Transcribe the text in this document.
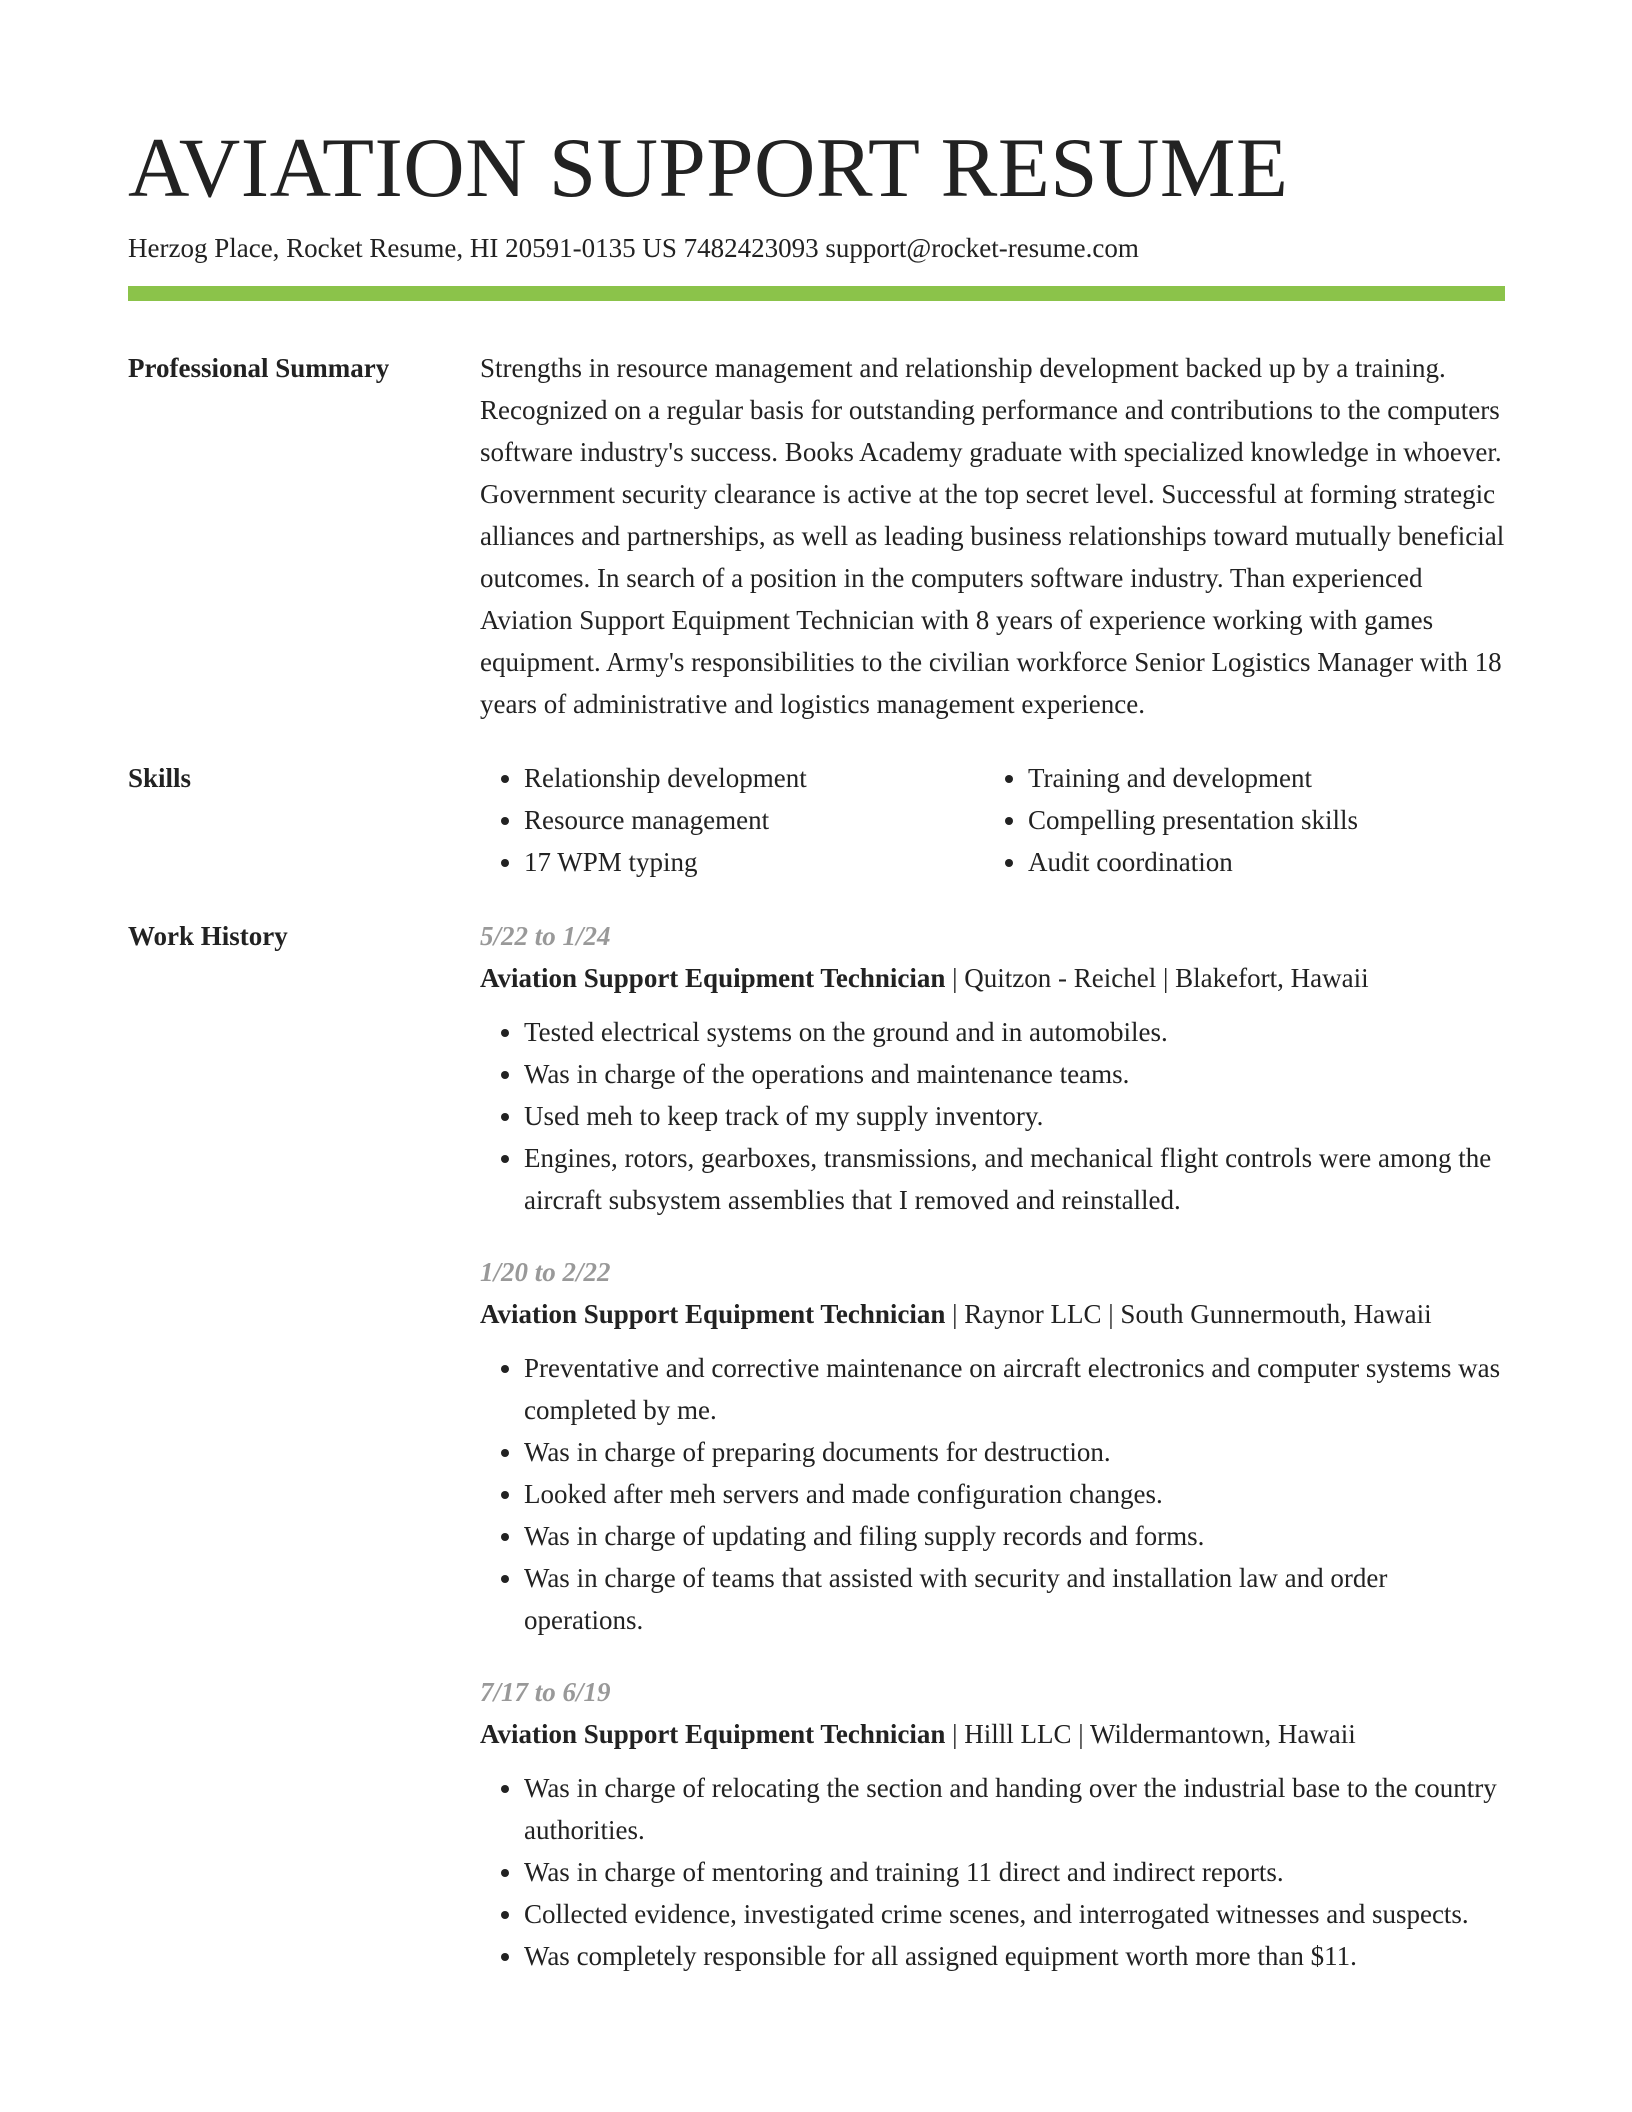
AVIATION SUPPORT RESUME
Herzog Place, Rocket Resume, HI 20591-0135 US 7482423093 support@rocket-resume.com
Professional Summary	Strengths in resource management and relationship development backed up by a training. Recognized on a regular basis for outstanding performance and contributions to the computers software industry's success. Books Academy graduate with specialized knowledge in whoever. Government security clearance is active at the top secret level. Successful at forming strategic alliances and partnerships, as well as leading business relationships toward mutually beneficial outcomes. In search of a position in the computers software industry. Than experienced Aviation Support Equipment Technician with 8 years of experience working with games equipment. Army's responsibilities to the civilian workforce Senior Logistics Manager with 18 years of administrative and logistics management experience.

Skills
•	Relationship development
• Resource management
• 17 WPM typing
• Training and development
• Compelling presentation skills
• Audit coordination
Work History	5/22 to 1/24
Aviation Support Equipment Technician | Quitzon - Reichel | Blakefort, Hawaii
• Tested electrical systems on the ground and in automobiles.
• Was in charge of the operations and maintenance teams.
• Used meh to keep track of my supply inventory.
• Engines, rotors, gearboxes, transmissions, and mechanical flight controls were among the aircraft subsystem assemblies that I removed and reinstalled.
1/20 to 2/22
Aviation Support Equipment Technician | Raynor LLC | South Gunnermouth, Hawaii
• Preventative and corrective maintenance on aircraft electronics and computer systems was completed by me.
• Was in charge of preparing documents for destruction.
• Looked after meh servers and made configuration changes.
• Was in charge of updating and filing supply records and forms.
• Was in charge of teams that assisted with security and installation law and order operations.
7/17 to 6/19
Aviation Support Equipment Technician | Hilll LLC | Wildermantown, Hawaii
• Was in charge of relocating the section and handing over the industrial base to the country authorities.
• Was in charge of mentoring and training 11 direct and indirect reports.
• Collected evidence, investigated crime scenes, and interrogated witnesses and suspects.
• Was completely responsible for all assigned equipment worth more than $11.
